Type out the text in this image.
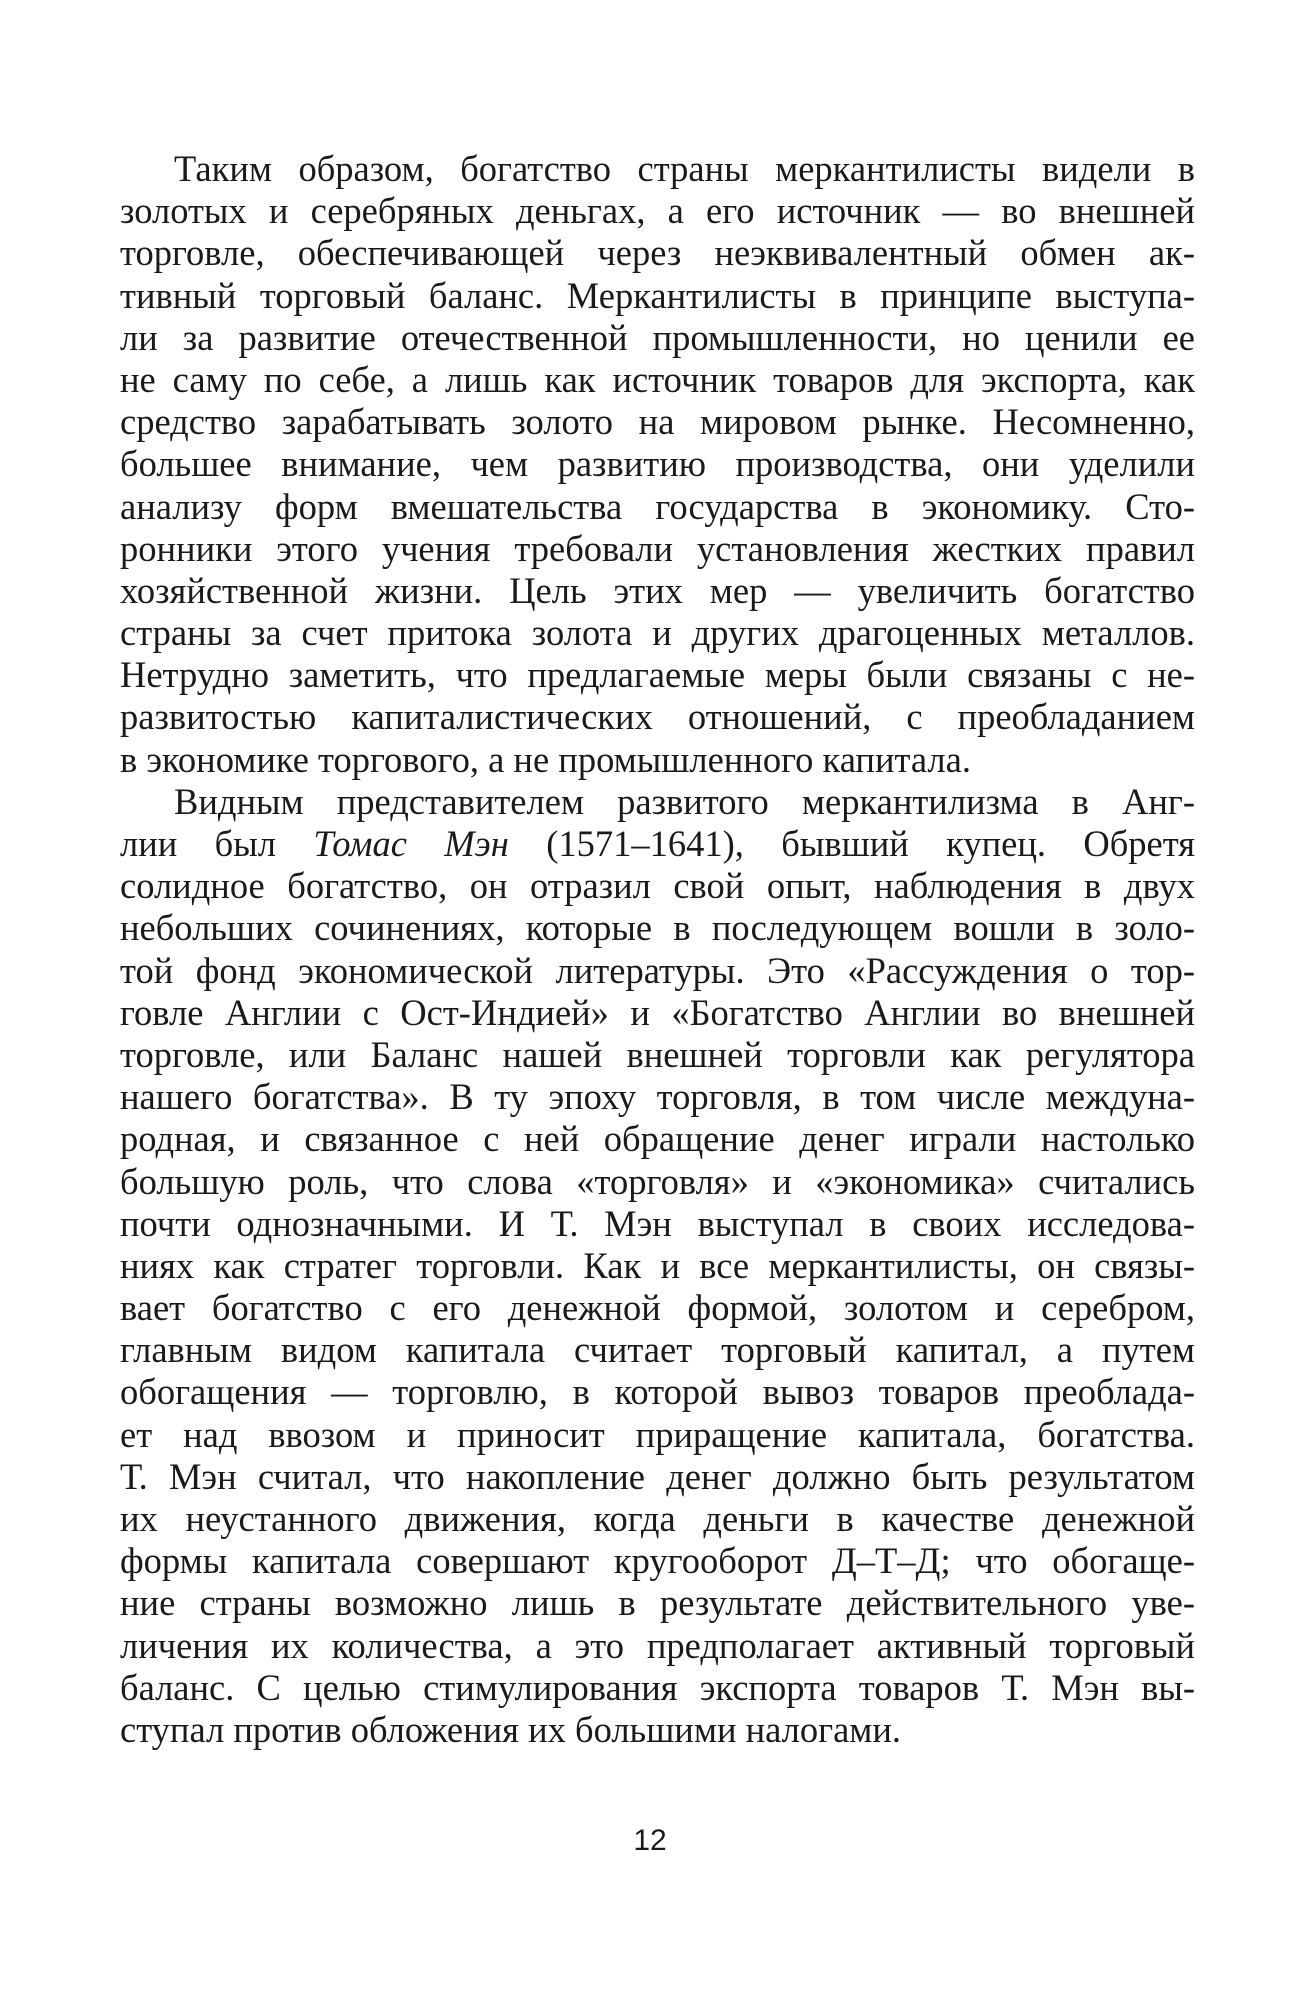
Таким образом, богатство страны меркантилисты видели в
золотых и серебряных деньгах, а его источник — во внешней
торговле, обеспечивающей через неэквивалентный обмен ак-
тивный торговый баланс. Меркантилисты в принципе выступа-
ли за развитие отечественной промышленности, но ценили ее
не саму по себе, а лишь как источник товаров для экспорта, как
средство зарабатывать золото на мировом рынке. Несомненно,
большее внимание, чем развитию производства, они уделили
анализу форм вмешательства государства в экономику. Сто-
ронники этого учения требовали установления жестких правил
хозяйственной жизни. Цель этих мер — увеличить богатство
страны за счет притока золота и других драгоценных металлов.
Нетрудно заметить, что предлагаемые меры были связаны с не-
развитостью капиталистических отношений, с преобладанием
в экономике торгового, а не промышленного капитала.
Видным представителем развитого меркантилизма в Анг-
лии был Томас Мэн (1571–1641), бывший купец. Обретя
солидное богатство, он отразил свой опыт, наблюдения в двух
небольших сочинениях, которые в последующем вошли в золо-
той фонд экономической литературы. Это «Рассуждения о тор-
говле Англии с Ост-Индией» и «Богатство Англии во внешней
торговле, или Баланс нашей внешней торговли как регулятора
нашего богатства». В ту эпоху торговля, в том числе междуна-
родная, и связанное с ней обращение денег играли настолько
большую роль, что слова «торговля» и «экономика» считались
почти однозначными. И Т. Мэн выступал в своих исследова-
ниях как стратег торговли. Как и все меркантилисты, он связы-
вает богатство с его денежной формой, золотом и серебром,
главным видом капитала считает торговый капитал, а путем
обогащения — торговлю, в которой вывоз товаров преоблада-
ет над ввозом и приносит приращение капитала, богатства.
Т. Мэн считал, что накопление денег должно быть результатом
их неустанного движения, когда деньги в качестве денежной
формы капитала совершают кругооборот Д–Т–Д; что обогаще-
ние страны возможно лишь в результате действительного уве-
личения их количества, а это предполагает активный торговый
баланс. С целью стимулирования экспорта товаров Т. Мэн вы-
ступал против обложения их большими налогами.
12
